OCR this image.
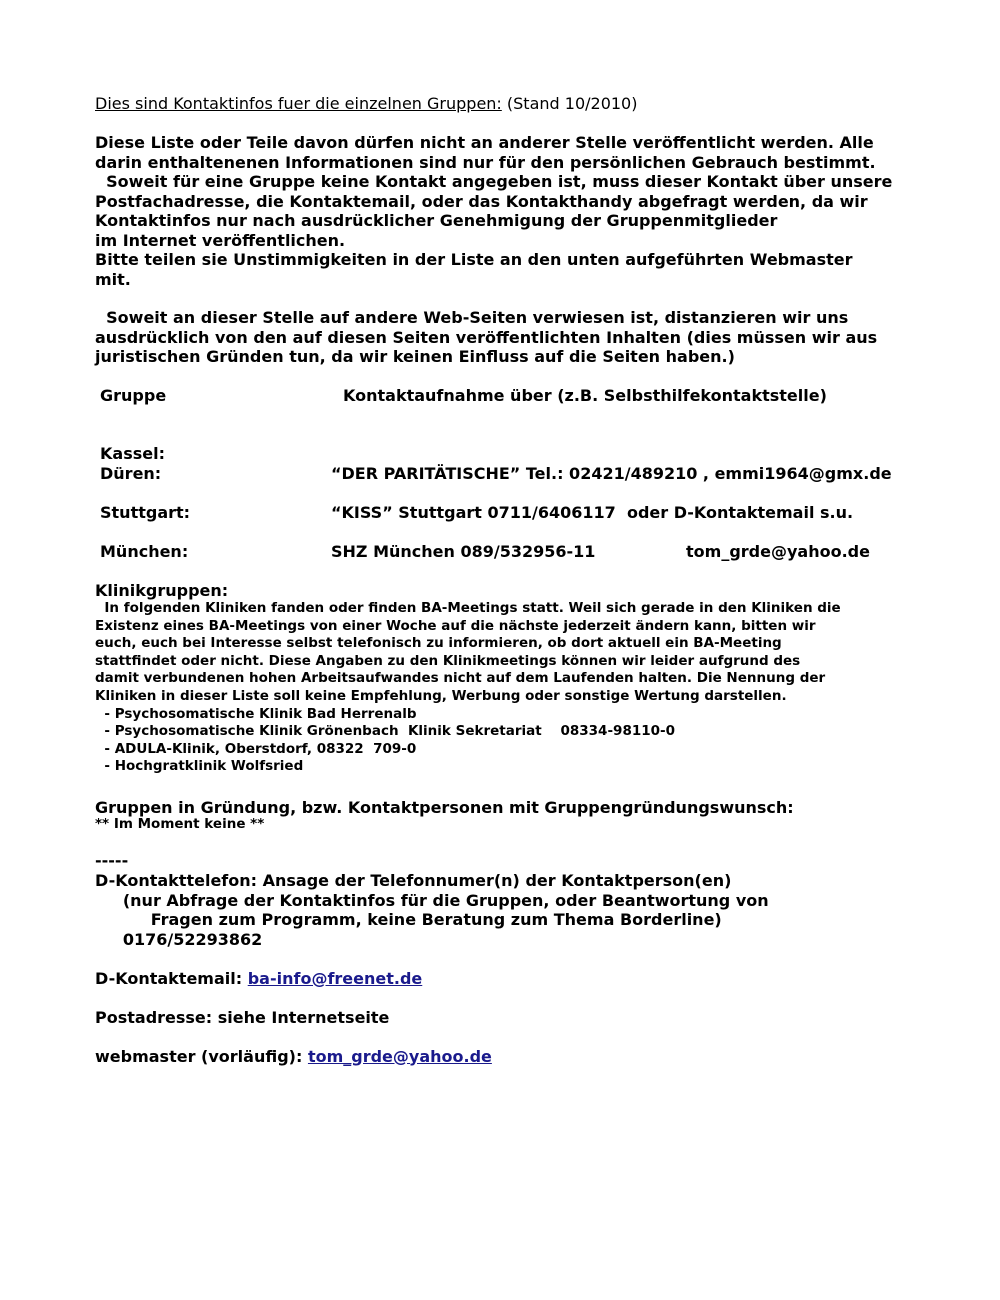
Dies sind Kontaktinfos fuer die einzelnen Gruppen: (Stand 10/2010)
Diese Liste oder Teile davon dürfen nicht an anderer Stelle veröffentlicht werden. Alle
darin enthaltenenen Informationen sind nur für den persönlichen Gebrauch bestimmt.
Soweit für eine Gruppe keine Kontakt angegeben ist, muss dieser Kontakt über unsere
Postfachadresse, die Kontaktemail, oder das Kontakthandy abgefragt werden, da wir
Kontaktinfos nur nach ausdrücklicher Genehmigung der Gruppenmitglieder
im Internet veröffentlichen.
Bitte teilen sie Unstimmigkeiten in der Liste an den unten aufgeführten Webmaster
mit.
Soweit an dieser Stelle auf andere Web-Seiten verwiesen ist, distanzieren wir uns
ausdrücklich von den auf diesen Seiten veröffentlichten Inhalten (dies müssen wir aus
juristischen Gründen tun, da wir keinen Einfluss auf die Seiten haben.)
Gruppe	Kontaktaufnahme über (z.B. Selbsthilfekontaktstelle)
Kassel:
Düren:	“DER PARITÄTISCHE” Tel.: 02421/489210 , emmi1964@gmx.de
Stuttgart:	“KISS” Stuttgart 0711/6406117  oder D-Kontaktemail s.u.
München:	SHZ München 089/532956-11	tom_grde@yahoo.de
Klinikgruppen:
In folgenden Kliniken fanden oder finden BA-Meetings statt. Weil sich gerade in den Kliniken die
Existenz eines BA-Meetings von einer Woche auf die nächste jederzeit ändern kann, bitten wir
euch, euch bei Interesse selbst telefonisch zu informieren, ob dort aktuell ein BA-Meeting
stattfindet oder nicht. Diese Angaben zu den Klinikmeetings können wir leider aufgrund des
damit verbundenen hohen Arbeitsaufwandes nicht auf dem Laufenden halten. Die Nennung der
Kliniken in dieser Liste soll keine Empfehlung, Werbung oder sonstige Wertung darstellen.
- Psychosomatische Klinik Bad Herrenalb
- Psychosomatische Klinik Grönenbach  Klinik Sekretariat    08334-98110-0
- ADULA-Klinik, Oberstdorf, 08322  709-0
- Hochgratklinik Wolfsried
Gruppen in Gründung, bzw. Kontaktpersonen mit Gruppengründungswunsch:
** Im Moment keine **
-----
D-Kontakttelefon: Ansage der Telefonnumer(n) der Kontaktperson(en)
(nur Abfrage der Kontaktinfos für die Gruppen, oder Beantwortung von
Fragen zum Programm, keine Beratung zum Thema Borderline)
0176/52293862
D-Kontaktemail: ba-info@freenet.de
Postadresse: siehe Internetseite
webmaster (vorläufig): tom_grde@yahoo.de
